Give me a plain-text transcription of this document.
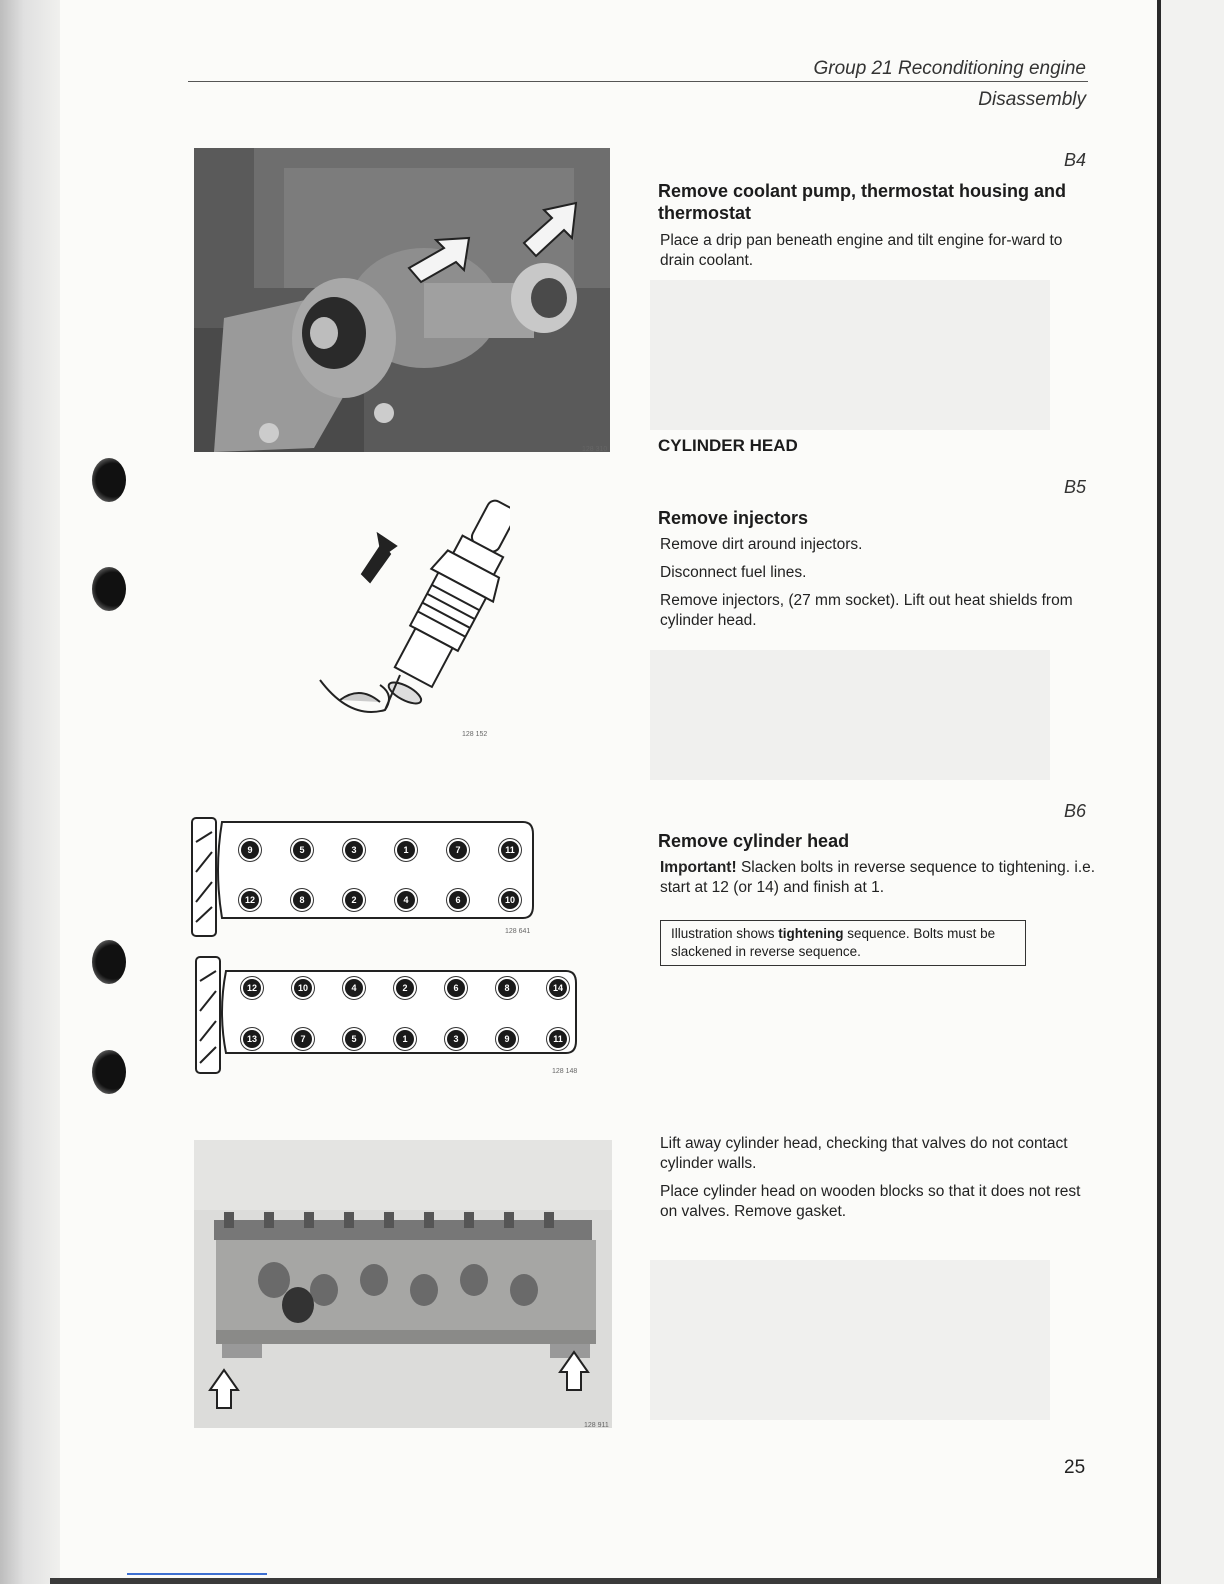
Group 21 Reconditioning engine
Disassembly
B4
Remove coolant pump, thermostat housing and thermostat
Place a drip pan beneath engine and tilt engine for-ward to drain coolant.
128 310	CYLINDER HEAD
B5
Remove injectors
Remove dirt around injectors.
Disconnect fuel lines.
Remove injectors, (27 mm socket). Lift out heat shields from cylinder head.
128 152
B6
Remove cylinder head
Important! Slacken bolts in reverse sequence to tightening. i.e. start at 12 (or 14) and finish at 1.
Illustration shows tightening sequence. Bolts must be slackened in reverse sequence.
9	5	3	1	7	11
12	8	2	4	6	10
128 641
12	10	4	2	6	8	14
13	7	5	1	3	9	11
128 148
Lift away cylinder head, checking that valves do not contact cylinder walls.
Place cylinder head on wooden blocks so that it does not rest on valves. Remove gasket.
128 911
25
